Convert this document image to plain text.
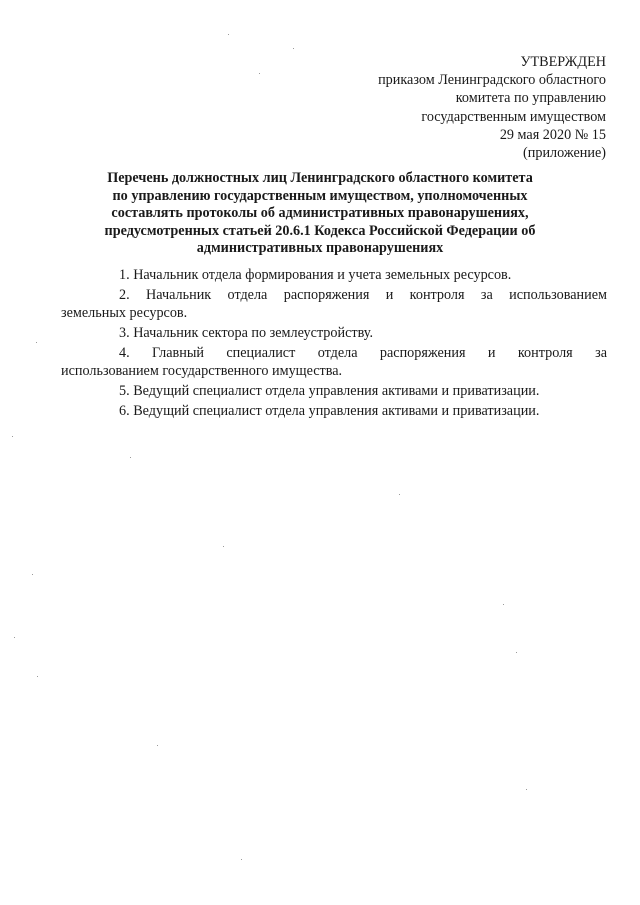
УТВЕРЖДЕН
приказом Ленинградского областного
комитета по управлению
государственным имуществом
29 мая 2020 № 15
(приложение)
Перечень должностных лиц Ленинградского областного комитета
по управлению государственным имуществом, уполномоченных
составлять протоколы об административных правонарушениях,
предусмотренных статьей 20.6.1 Кодекса Российской Федерации об
административных правонарушениях
1. Начальник отдела формирования и учета земельных ресурсов.
2. Начальник отдела распоряжения и контроля за использованием
земельных ресурсов.
3. Начальник сектора по землеустройству.
4. Главный специалист отдела распоряжения и контроля за
использованием государственного имущества.
5. Ведущий специалист отдела управления активами и приватизации.
6. Ведущий специалист отдела управления активами и приватизации.
